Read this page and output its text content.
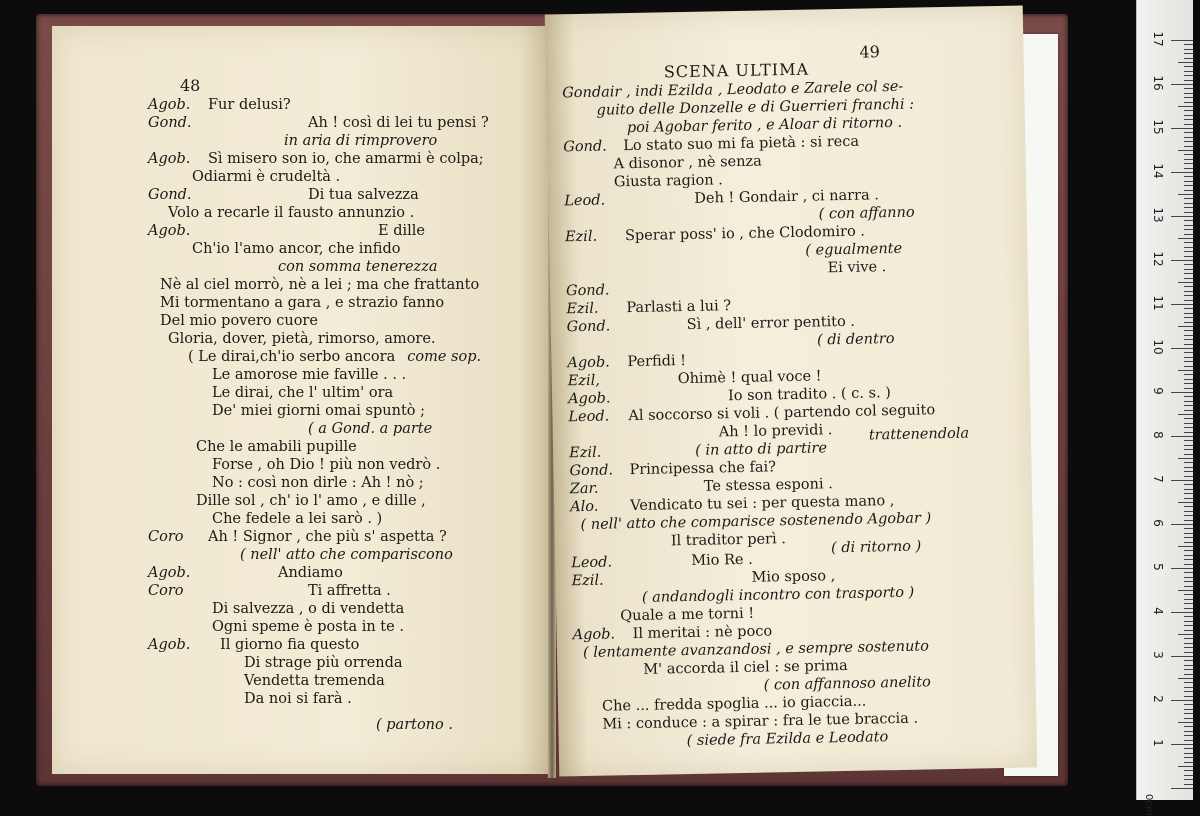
48
Agob. Fur delusi?
Gond.	Ah ! così di lei tu pensi ?
in aria di rimprovero
Agob. Sì misero son io, che amarmi è colpa;
Odiarmi è crudeltà .
Gond.	Di tua salvezza
Volo a recarle il fausto annunzio .
Agob.	E dille
Ch'io l'amo ancor, che infido
con somma tenerezza
Nè al ciel morrò, nè a lei ; ma che frattanto
Mi tormentano a gara , e strazio fanno
Del mio povero cuore
Gloria, dover, pietà, rimorso, amore.
( Le dirai,ch'io serbo ancora come sop.
Le amorose mie faville . . .
Le dirai, che l' ultim' ora
De' miei giorni omai spuntò ;
( a Gond. a parte
Che le amabili pupille
Forse , oh Dio ! più non vedrò .
No : così non dirle : Ah ! nò ;
Dille sol , ch' io l' amo , e dille ,
Che fedele a lei sarò . )
Coro Ah ! Signor , che più s' aspetta ?
( nell' atto che compariscono
Agob.	Andiamo
Coro	Ti affretta .
Di salvezza , o di vendetta
Ogni speme è posta in te .
Agob. Il giorno fia questo
Di strage più orrenda
Vendetta tremenda
Da noi si farà .
( partono .
49
SCENA ULTIMA
Gondair , indi Ezilda , Leodato e Zarele col se-
guito delle Donzelle e di Guerrieri franchi :
poi Agobar ferito , e Aloar di ritorno .
Gond. Lo stato suo mi fa pietà : si reca
A disonor , nè senza
Giusta ragion .
Leod.	Deh ! Gondair , ci narra .
( con affanno
Ezil. Sperar poss' io , che Clodomiro .
( egualmente
Ei vive .
Gond.
Ezil. Parlasti a lui ?
Gond.	Sì , dell' error pentito .
( di dentro
Agob. Perfidi !
Ezil,	Ohimè ! qual voce !
Agob.	Io son tradito . ( c. s. )
Leod. Al soccorso si voli . ( partendo col seguito
Ah ! lo previdi .
Ezil.	( in atto di partire
trattenendola
Gond. Principessa che fai?
Zar.	Te stessa esponi .
Alo. Vendicato tu sei : per questa mano ,
( nell' atto che comparisce sostenendo Agobar )
Il traditor perì .	( di ritorno )
Leod.	Mio Re .
Ezil.	Mio sposo ,
( andandogli incontro con trasporto )
Quale a me torni !
Agob. Il meritai : nè poco
( lentamente avanzandosi , e sempre sostenuto
M' accorda il ciel : se prima
( con affannoso anelito
Che ... fredda spoglia ... io giaccia...
Mi : conduce : a spirar : fra le tue braccia .
( siede fra Ezilda e Leodato
17
16
15
14
13
12
11
10
9
8
7
6
5
4
3
2
1
0cm
